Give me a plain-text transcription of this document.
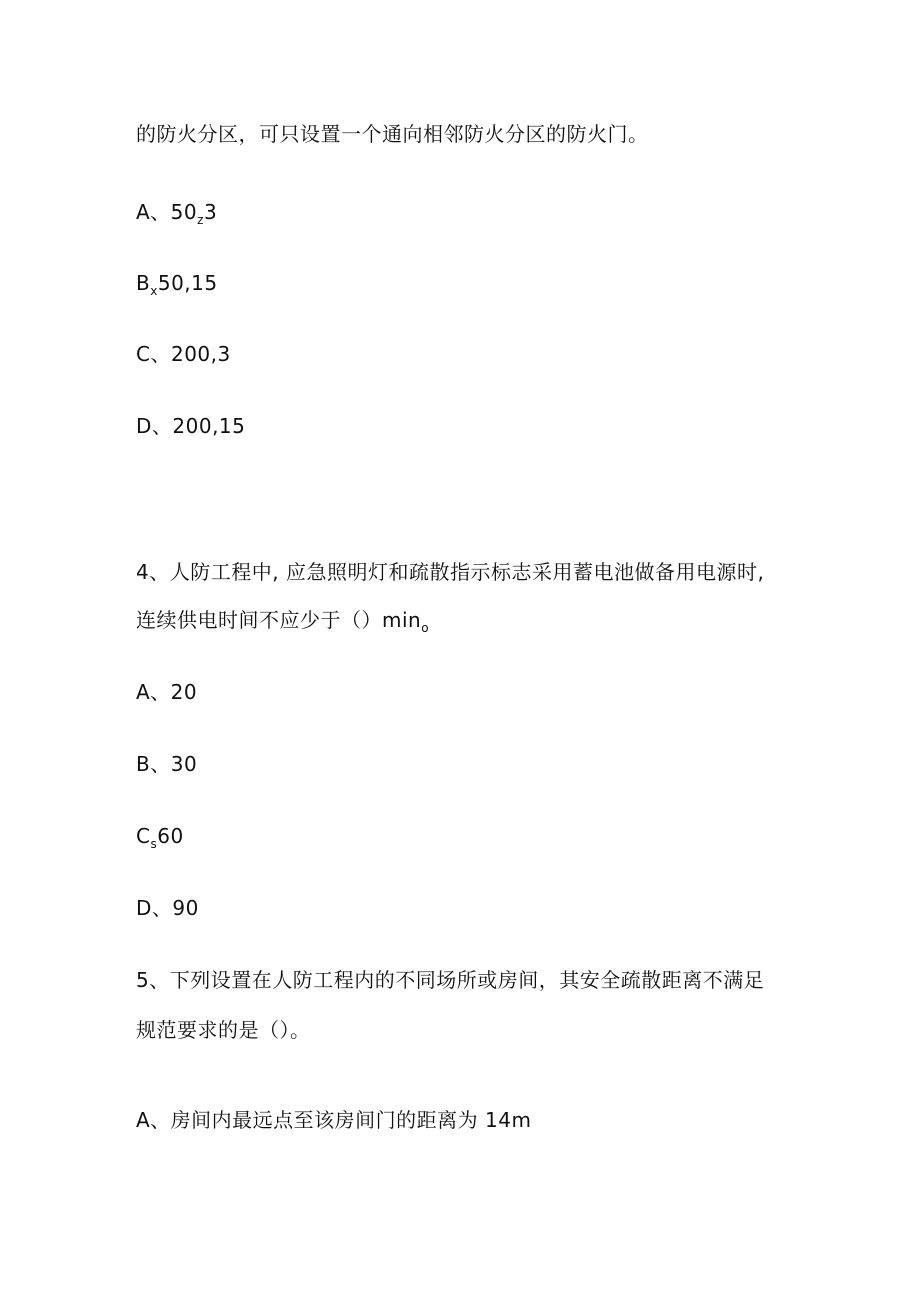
的防火分区，可只设置一个通向相邻防火分区的防火门。
A、$50_z3$
$B_x50,15$
C、200,3
D、200,15
4、人防工程中, 应急照明灯和疏散指示标志采用蓄电池做备用电源时,
连续供电时间不应少于$()\min_o$
A、20
B、30
$C_s60$
D、90
5、下列设置在人防工程内的不同场所或房间，其安全疏散距离不满足
规范要求的是（）。
A、房间内最远点至该房间门的距离为 14m
